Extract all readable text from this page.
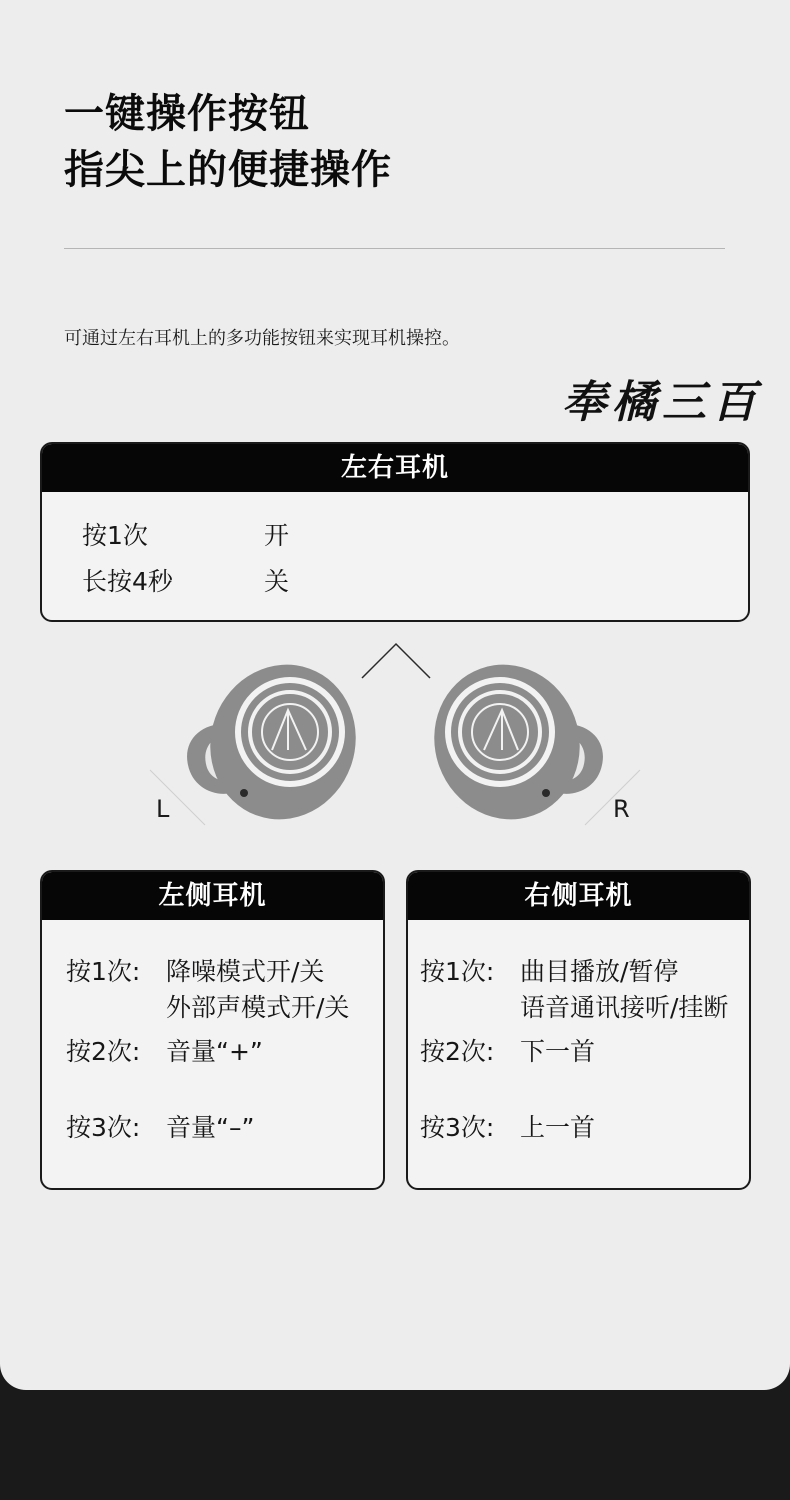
一键操作按钮
指尖上的便捷操作
可通过左右耳机上的多功能按钮来实现耳机操控。
奉橘三百
左右耳机
按1次	开
长按4秒	关
L	R
左侧耳机
按1次: 降噪模式开/关
外部声模式开/关
按2次: 音量“+”
按3次: 音量“–”
右侧耳机
按1次: 曲目播放/暂停
语音通讯接听/挂断
按2次: 下一首
按3次: 上一首
